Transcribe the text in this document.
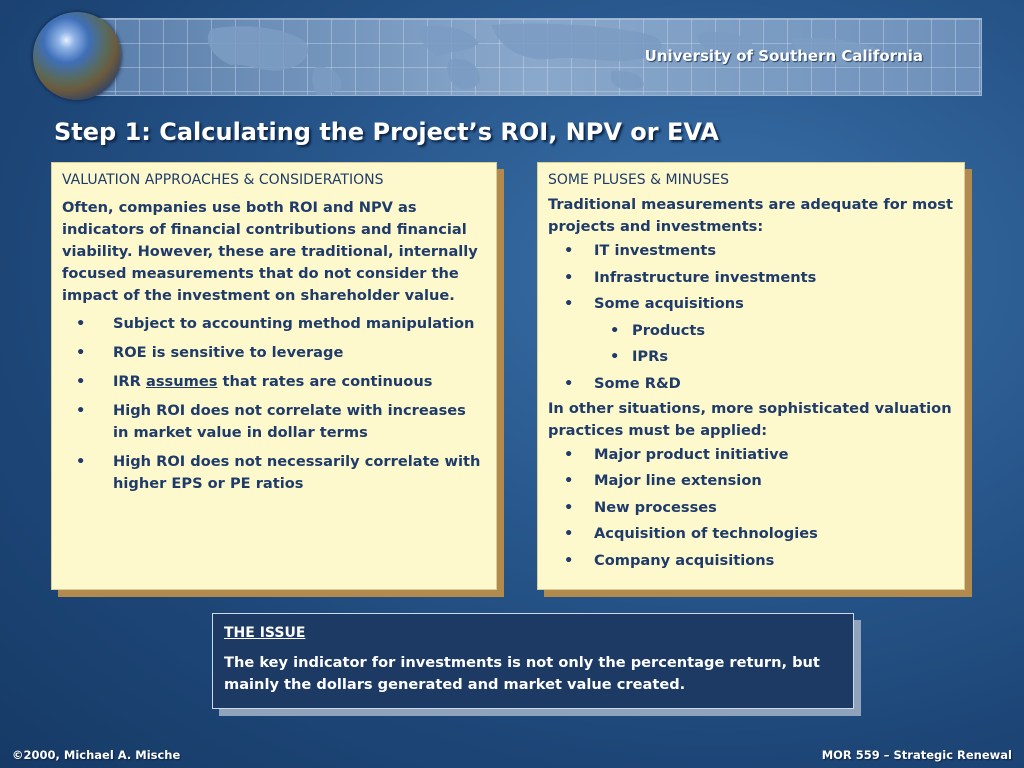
University of Southern California
Step 1: Calculating the Project’s ROI, NPV or EVA
VALUATION APPROACHES & CONSIDERATIONS

Often, companies use both ROI and NPV as indicators of financial contributions and financial viability. However, these are traditional, internally focused measurements that do not consider the impact of the investment on shareholder value.

• Subject to accounting method manipulation
• ROE is sensitive to leverage
• IRR assumes that rates are continuous
• High ROI does not correlate with increases in market value in dollar terms
• High ROI does not necessarily correlate with higher EPS or PE ratios
SOME PLUSES & MINUSES

Traditional measurements are adequate for most projects and investments:

• IT investments
• Infrastructure investments
• Some acquisitions
• Products
• IPRs
• Some R&D

In other situations, more sophisticated valuation practices must be applied:

• Major product initiative
• Major line extension
• New processes
• Acquisition of technologies
• Company acquisitions
THE ISSUE
The key indicator for investments is not only the percentage return, but mainly the dollars generated and market value created.
©2000, Michael A. Mische	MOR 559 – Strategic Renewal
